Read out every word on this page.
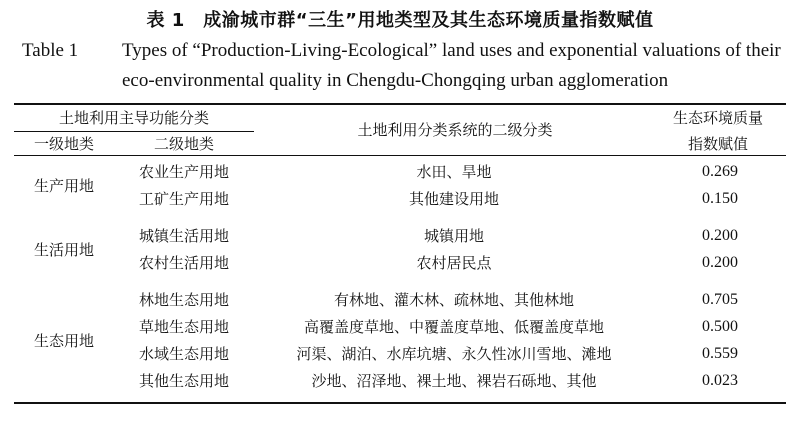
表 1　成渝城市群“三生”用地类型及其生态环境质量指数赋值
Table 1	Types of “Production-Living-Ecological” land uses and exponential valuations of their eco-environmental quality in Chengdu-Chongqing urban agglomeration
土地利用主导功能分类
一级地类	二级地类
土地利用分类系统的二级分类
生态环境质量
指数赋值
生产用地
农业生产用地	水田、旱地	0.269
工矿生产用地	其他建设用地	0.150
生活用地
城镇生活用地	城镇用地	0.200
农村生活用地	农村居民点	0.200
生态用地
林地生态用地	有林地、灌木林、疏林地、其他林地	0.705
草地生态用地	高覆盖度草地、中覆盖度草地、低覆盖度草地	0.500
水域生态用地	河渠、湖泊、水库坑塘、永久性冰川雪地、滩地	0.559
其他生态用地	沙地、沼泽地、裸土地、裸岩石砾地、其他	0.023
